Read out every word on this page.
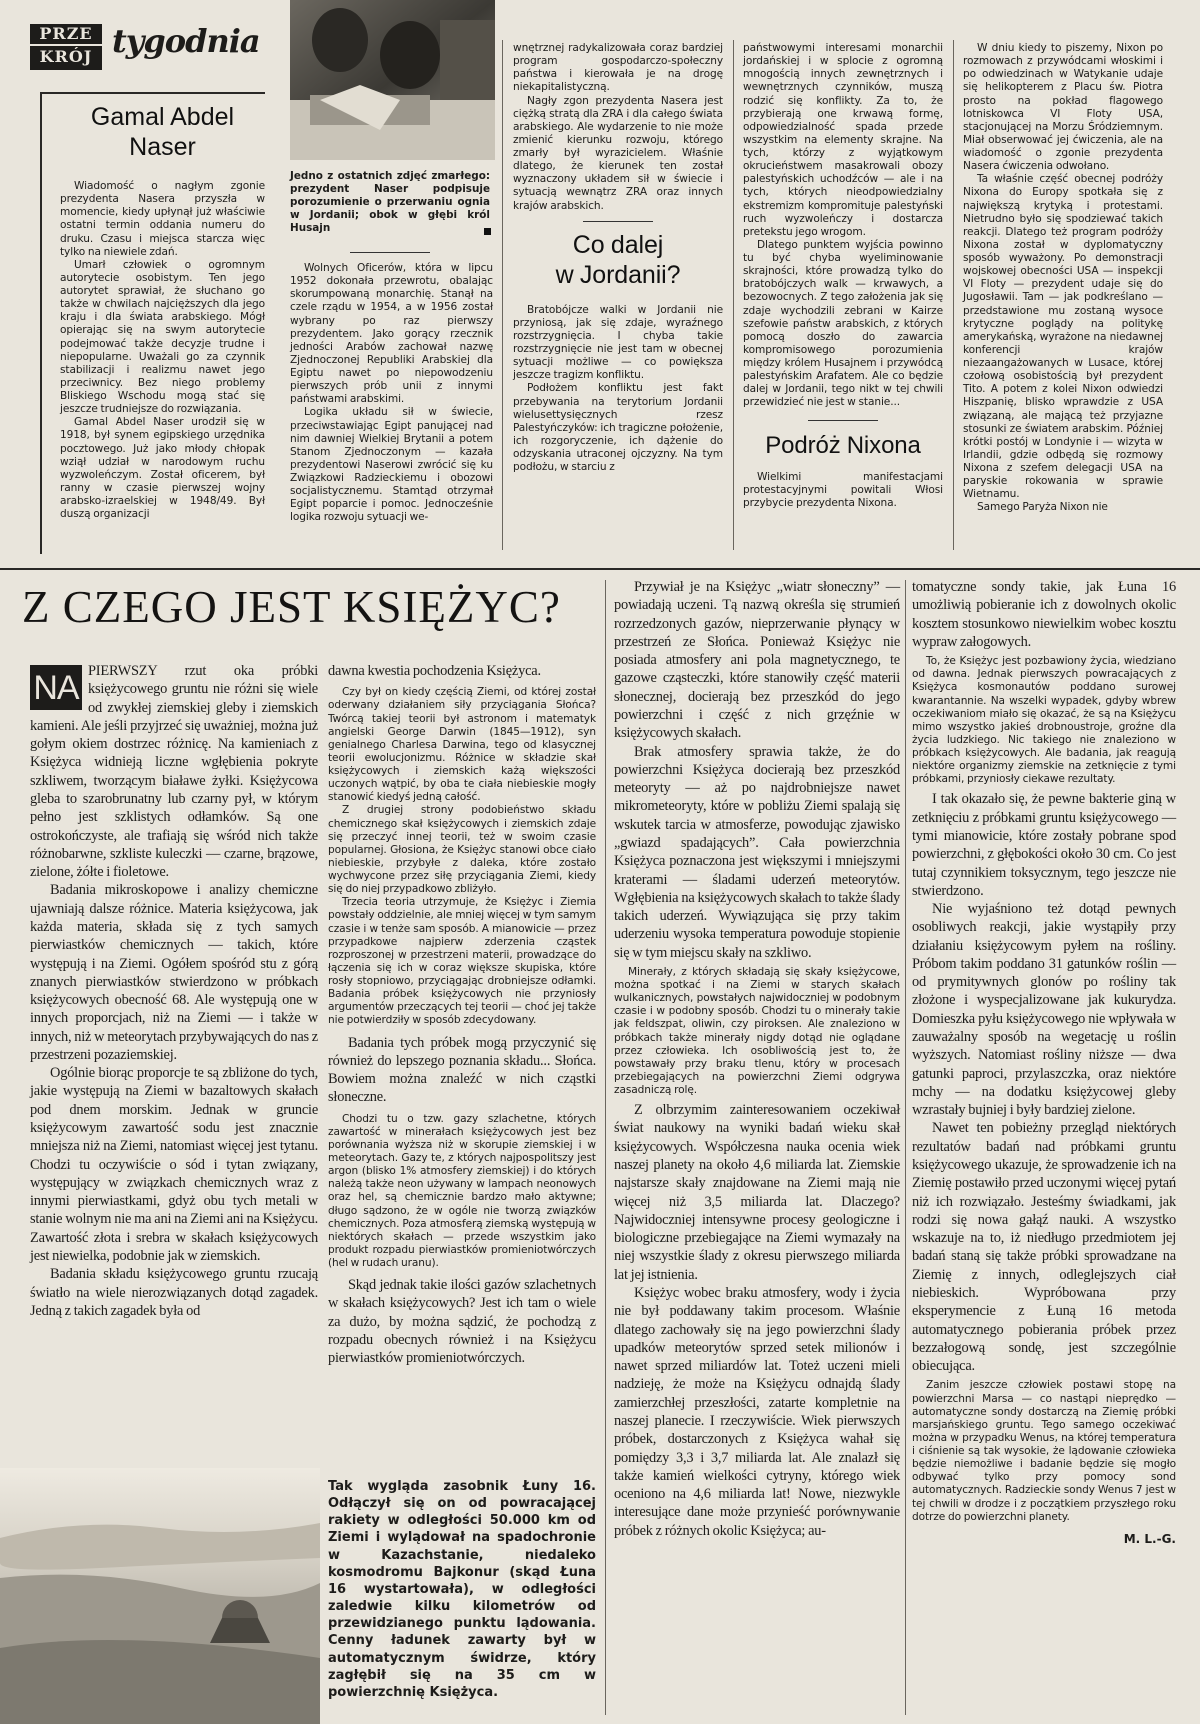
PRZE
KRÓJ tygodnia
Gamal Abdel
Naser

Wiadomość o nagłym zgonie prezydenta Nasera przyszła w momencie, kiedy upłynął już właściwie ostatni termin oddania numeru do druku. Czasu i miejsca starcza więc tylko na niewiele zdań.

Umarł człowiek o ogromnym autorytecie osobistym. Ten jego autorytet sprawiał, że słuchano go także w chwilach najcięższych dla jego kraju i dla świata arabskiego. Mógł opierając się na swym autorytecie podejmować także decyzje trudne i niepopularne. Uważali go za czynnik stabilizacji i realizmu nawet jego przeciwnicy. Bez niego problemy Bliskiego Wschodu mogą stać się jeszcze trudniejsze do rozwiązania.

Gamal Abdel Naser urodził się w 1918, był synem egipskiego urzędnika pocztowego. Już jako młody chłopak wziął udział w narodowym ruchu wyzwoleńczym. Został oficerem, był ranny w czasie pierwszej wojny arabsko-izraelskiej w 1948/49. Był duszą organizacji

Jedno z ostatnich zdjęć zmarłego: prezydent Naser podpisuje porozumienie o przerwaniu ognia w Jordanii; obok w głębi król Husajn

Wolnych Oficerów, która w lipcu 1952 dokonała przewrotu, obalając skorumpowaną monarchię. Stanął na czele rządu w 1954, a w 1956 został wybrany po raz pierwszy prezydentem. Jako gorący rzecznik jedności Arabów zachował nazwę Zjednoczonej Republiki Arabskiej dla Egiptu nawet po niepowodzeniu pierwszych prób unii z innymi państwami arabskimi.

Logika układu sił w świecie, przeciwstawiając Egipt panującej nad nim dawniej Wielkiej Brytanii a potem Stanom Zjednoczonym — kazała prezydentowi Naserowi zwrócić się ku Związkowi Radzieckiemu i obozowi socjalistycznemu. Stamtąd otrzymał Egipt poparcie i pomoc. Jednocześnie logika rozwoju sytuacji we-

wnętrznej radykalizowała coraz bardziej program gospodarczo-społeczny państwa i kierowała je na drogę niekapitalistyczną.

Nagły zgon prezydenta Nasera jest ciężką stratą dla ZRA i dla całego świata arabskiego. Ale wydarzenie to nie może zmienić kierunku rozwoju, którego zmarły był wyrazicielem. Właśnie dlatego, że kierunek ten został wyznaczony układem sił w świecie i sytuacją wewnątrz ZRA oraz innych krajów arabskich.

Co dalej
w Jordanii?

Bratobójcze walki w Jordanii nie przyniosą, jak się zdaje, wyraźnego rozstrzygnięcia. I chyba takie rozstrzygnięcie nie jest tam w obecnej sytuacji możliwe — co powiększa jeszcze tragizm konfliktu.

Podłożem konfliktu jest fakt przebywania na terytorium Jordanii wielusettysięcznych rzesz Palestyńczyków: ich tragiczne położenie, ich rozgoryczenie, ich dążenie do odzyskania utraconej ojczyzny. Na tym podłożu, w starciu z

państwowymi interesami monarchii jordańskiej i w splocie z ogromną mnogością innych zewnętrznych i wewnętrznych czynników, muszą rodzić się konflikty. Za to, że przybierają one krwawą formę, odpowiedzialność spada przede wszystkim na elementy skrajne. Na tych, którzy z wyjątkowym okrucieństwem masakrowali obozy palestyńskich uchodźców — ale i na tych, których nieodpowiedzialny ekstremizm kompromituje palestyński ruch wyzwoleńczy i dostarcza pretekstu jego wrogom.

Dlatego punktem wyjścia powinno tu być chyba wyeliminowanie skrajności, które prowadzą tylko do bratobójczych walk — krwawych, a bezowocnych. Z tego założenia jak się zdaje wychodzili zebrani w Kairze szefowie państw arabskich, z których pomocą doszło do zawarcia kompromisowego porozumienia między królem Husajnem i przywódcą palestyńskim Arafatem. Ale co będzie dalej w Jordanii, tego nikt w tej chwili przewidzieć nie jest w stanie...

Podróż Nixona

Wielkimi manifestacjami protestacyjnymi powitali Włosi przybycie prezydenta Nixona.

W dniu kiedy to piszemy, Nixon po rozmowach z przywódcami włoskimi i po odwiedzinach w Watykanie udaje się helikopterem z Placu św. Piotra prosto na pokład flagowego lotniskowca VI Floty USA, stacjonującej na Morzu Śródziemnym. Miał obserwować jej ćwiczenia, ale na wiadomość o zgonie prezydenta Nasera ćwiczenia odwołano.

Ta właśnie część obecnej podróży Nixona do Europy spotkała się z największą krytyką i protestami. Nietrudno było się spodziewać takich reakcji. Dlatego też program podróży Nixona został w dyplomatyczny sposób wyważony. Po demonstracji wojskowej obecności USA — inspekcji VI Floty — prezydent udaje się do Jugosławii. Tam — jak podkreślano — przedstawione mu zostaną wysoce krytyczne poglądy na politykę amerykańską, wyrażone na niedawnej konferencji krajów niezaangażowanych w Lusace, której czołową osobistością był prezydent Tito. A potem z kolei Nixon odwiedzi Hiszpanię, blisko wprawdzie z USA związaną, ale mającą też przyjazne stosunki ze światem arabskim. Później krótki postój w Londynie i — wizyta w Irlandii, gdzie odbędą się rozmowy Nixona z szefem delegacji USA na paryskie rokowania w sprawie Wietnamu.

Samego Paryża Nixon nie

Z CZEGO JEST KSIĘŻYC?
NA PIERWSZY rzut oka próbki księżycowego gruntu nie różni się wiele od zwykłej ziemskiej gleby i ziemskich kamieni. Ale jeśli przyjrzeć się uważniej, można już gołym okiem dostrzec różnicę. Na kamieniach z Księżyca widnieją liczne wgłębienia pokryte szkliwem, tworzącym białawe żyłki. Księżycowa gleba to szarobrunatny lub czarny pył, w którym pełno jest szklistych odłamków. Są one ostrokończyste, ale trafiają się wśród nich także różnobarwne, szkliste kuleczki — czarne, brązowe, zielone, żółte i fioletowe.

Badania mikroskopowe i analizy chemiczne ujawniają dalsze różnice. Materia księżycowa, jak każda materia, składa się z tych samych pierwiastków chemicznych — takich, które występują i na Ziemi. Ogółem spośród stu z górą znanych pierwiastków stwierdzono w próbkach księżycowych obecność 68. Ale występują one w innych proporcjach, niż na Ziemi — i także w innych, niż w meteorytach przybywających do nas z przestrzeni pozaziemskiej.

Ogólnie biorąc proporcje te są zbliżone do tych, jakie występują na Ziemi w bazaltowych skałach pod dnem morskim. Jednak w gruncie księżycowym zawartość sodu jest znacznie mniejsza niż na Ziemi, natomiast więcej jest tytanu. Chodzi tu oczywiście o sód i tytan związany, występujący w związkach chemicznych wraz z innymi pierwiastkami, gdyż obu tych metali w stanie wolnym nie ma ani na Ziemi ani na Księżycu. Zawartość złota i srebra w skałach księżycowych jest niewielka, podobnie jak w ziemskich.

Badania składu księżycowego gruntu rzucają światło na wiele nierozwiązanych dotąd zagadek. Jedną z takich zagadek była od

dawna kwestia pochodzenia Księżyca.

Czy był on kiedy częścią Ziemi, od której został oderwany działaniem siły przyciągania Słońca? Twórcą takiej teorii był astronom i matematyk angielski George Darwin (1845—1912), syn genialnego Charlesa Darwina, tego od klasycznej teorii ewolucjonizmu. Różnice w składzie skał księżycowych i ziemskich każą większości uczonych wątpić, by oba te ciała niebieskie mogły stanowić kiedyś jedną całość.

Z drugiej strony podobieństwo składu chemicznego skał księżycowych i ziemskich zdaje się przeczyć innej teorii, też w swoim czasie popularnej. Głosiona, że Księżyc stanowi obce ciało niebieskie, przybyłe z daleka, które zostało wychwycone przez siłę przyciągania Ziemi, kiedy się do niej przypadkowo zbliżyło.

Trzecia teoria utrzymuje, że Księżyc i Ziemia powstały oddzielnie, ale mniej więcej w tym samym czasie i w tenże sam sposób. A mianowicie — przez przypadkowe najpierw zderzenia cząstek rozproszonej w przestrzeni materii, prowadzące do łączenia się ich w coraz większe skupiska, które rosły stopniowo, przyciągając drobniejsze odłamki. Badania próbek księżycowych nie przyniosły argumentów przeczących tej teorii — choć jej także nie potwierdziły w sposób zdecydowany.

Badania tych próbek mogą przyczynić się również do lepszego poznania składu... Słońca. Bowiem można znaleźć w nich cząstki słoneczne.

Chodzi tu o tzw. gazy szlachetne, których zawartość w minerałach księżycowych jest bez porównania wyższa niż w skorupie ziemskiej i w meteorytach. Gazy te, z których najpospolitszy jest argon (blisko 1% atmosfery ziemskiej) i do których należą także neon używany w lampach neonowych oraz hel, są chemicznie bardzo mało aktywne; długo sądzono, że w ogóle nie tworzą związków chemicznych. Poza atmosferą ziemską występują w niektórych skałach — przede wszystkim jako produkt rozpadu pierwiastków promieniotwórczych (hel w rudach uranu).

Skąd jednak takie ilości gazów szlachetnych w skałach księżycowych? Jest ich tam o wiele za dużo, by można sądzić, że pochodzą z rozpadu obecnych również i na Księżycu pierwiastków promieniotwórczych.

Tak wygląda zasobnik Łuny 16. Odłączył się on od powracającej rakiety w odległości 50.000 km od Ziemi i wylądował na spadochronie w Kazachstanie, niedaleko kosmodromu Bajkonur (skąd Łuna 16 wystartowała), w odległości zaledwie kilku kilometrów od przewidzianego punktu lądowania. Cenny ładunek zawarty był w automatycznym świdrze, który zagłębił się na 35 cm w powierzchnię Księżyca.

Przywiał je na Księżyc „wiatr słoneczny” — powiadają uczeni. Tą nazwą określa się strumień rozrzedzonych gazów, nieprzerwanie płynący w przestrzeń ze Słońca. Ponieważ Księżyc nie posiada atmosfery ani pola magnetycznego, te gazowe cząsteczki, które stanowiły część materii słonecznej, docierają bez przeszkód do jego powierzchni i część z nich grzęźnie w księżycowych skałach.

Brak atmosfery sprawia także, że do powierzchni Księżyca docierają bez przeszkód meteoryty — aż po najdrobniejsze nawet mikrometeoryty, które w pobliżu Ziemi spalają się wskutek tarcia w atmosferze, powodując zjawisko „gwiazd spadających”. Cała powierzchnia Księżyca poznaczona jest większymi i mniejszymi kraterami — śladami uderzeń meteorytów. Wgłębienia na księżycowych skałach to także ślady takich uderzeń. Wywiązująca się przy takim uderzeniu wysoka temperatura powoduje stopienie się w tym miejscu skały na szkliwo.

Minerały, z których składają się skały księżycowe, można spotkać i na Ziemi w starych skałach wulkanicznych, powstałych najwidoczniej w podobnym czasie i w podobny sposób. Chodzi tu o minerały takie jak feldszpat, oliwin, czy piroksen. Ale znaleziono w próbkach także minerały nigdy dotąd nie oglądane przez człowieka. Ich osobliwością jest to, że powstawały przy braku tlenu, który w procesach przebiegających na powierzchni Ziemi odgrywa zasadniczą rolę.

Z olbrzymim zainteresowaniem oczekiwał świat naukowy na wyniki badań wieku skał księżycowych. Współczesna nauka ocenia wiek naszej planety na około 4,6 miliarda lat. Ziemskie najstarsze skały znajdowane na Ziemi mają nie więcej niż 3,5 miliarda lat. Dlaczego? Najwidoczniej intensywne procesy geologiczne i biologiczne przebiegające na Ziemi wymazały na niej wszystkie ślady z okresu pierwszego miliarda lat jej istnienia.

Księżyc wobec braku atmosfery, wody i życia nie był poddawany takim procesom. Właśnie dlatego zachowały się na jego powierzchni ślady upadków meteorytów sprzed setek milionów i nawet sprzed miliardów lat. Toteż uczeni mieli nadzieję, że może na Księżycu odnajdą ślady zamierzchłej przeszłości, zatarte kompletnie na naszej planecie. I rzeczywiście. Wiek pierwszych próbek, dostarczonych z Księżyca wahał się pomiędzy 3,3 i 3,7 miliarda lat. Ale znalazł się także kamień wielkości cytryny, którego wiek oceniono na 4,6 miliarda lat! Nowe, niezwykle interesujące dane może przynieść porównywanie próbek z różnych okolic Księżyca; au-

tomatyczne sondy takie, jak Łuna 16 umożliwią pobieranie ich z dowolnych okolic kosztem stosunkowo niewielkim wobec kosztu wypraw załogowych.

To, że Księżyc jest pozbawiony życia, wiedziano od dawna. Jednak pierwszych powracających z Księżyca kosmonautów poddano surowej kwarantannie. Na wszelki wypadek, gdyby wbrew oczekiwaniom miało się okazać, że są na Księżycu mimo wszystko jakieś drobnoustroje, groźne dla życia ludzkiego. Nic takiego nie znaleziono w próbkach księżycowych. Ale badania, jak reagują niektóre organizmy ziemskie na zetknięcie z tymi próbkami, przyniosły ciekawe rezultaty.

I tak okazało się, że pewne bakterie giną w zetknięciu z próbkami gruntu księżycowego — tymi mianowicie, które zostały pobrane spod powierzchni, z głębokości około 30 cm. Co jest tutaj czynnikiem toksycznym, tego jeszcze nie stwierdzono.

Nie wyjaśniono też dotąd pewnych osobliwych reakcji, jakie wystąpiły przy działaniu księżycowym pyłem na rośliny. Próbom takim poddano 31 gatunków roślin — od prymitywnych glonów po rośliny tak złożone i wyspecjalizowane jak kukurydza. Domieszka pyłu księżycowego nie wpływała w zauważalny sposób na wegetację u roślin wyższych. Natomiast rośliny niższe — dwa gatunki paproci, przylaszczka, oraz niektóre mchy — na dodatku księżycowej gleby wzrastały bujniej i były bardziej zielone.

Nawet ten pobieżny przegląd niektórych rezultatów badań nad próbkami gruntu księżycowego ukazuje, że sprowadzenie ich na Ziemię postawiło przed uczonymi więcej pytań niż ich rozwiązało. Jesteśmy świadkami, jak rodzi się nowa gałąź nauki. A wszystko wskazuje na to, iż niedługo przedmiotem jej badań staną się także próbki sprowadzane na Ziemię z innych, odleglejszych ciał niebieskich. Wypróbowana przy eksperymencie z Łuną 16 metoda automatycznego pobierania próbek przez bezzałogową sondę, jest szczególnie obiecująca.

Zanim jeszcze człowiek postawi stopę na powierzchni Marsa — co nastąpi nieprędko — automatyczne sondy dostarczą na Ziemię próbki marsjańskiego gruntu. Tego samego oczekiwać można w przypadku Wenus, na której temperatura i ciśnienie są tak wysokie, że lądowanie człowieka będzie niemożliwe i badanie będzie się mogło odbywać tylko przy pomocy sond automatycznych. Radzieckie sondy Wenus 7 jest w tej chwili w drodze i z początkiem przyszłego roku dotrze do powierzchni planety.

M. L.-G.
